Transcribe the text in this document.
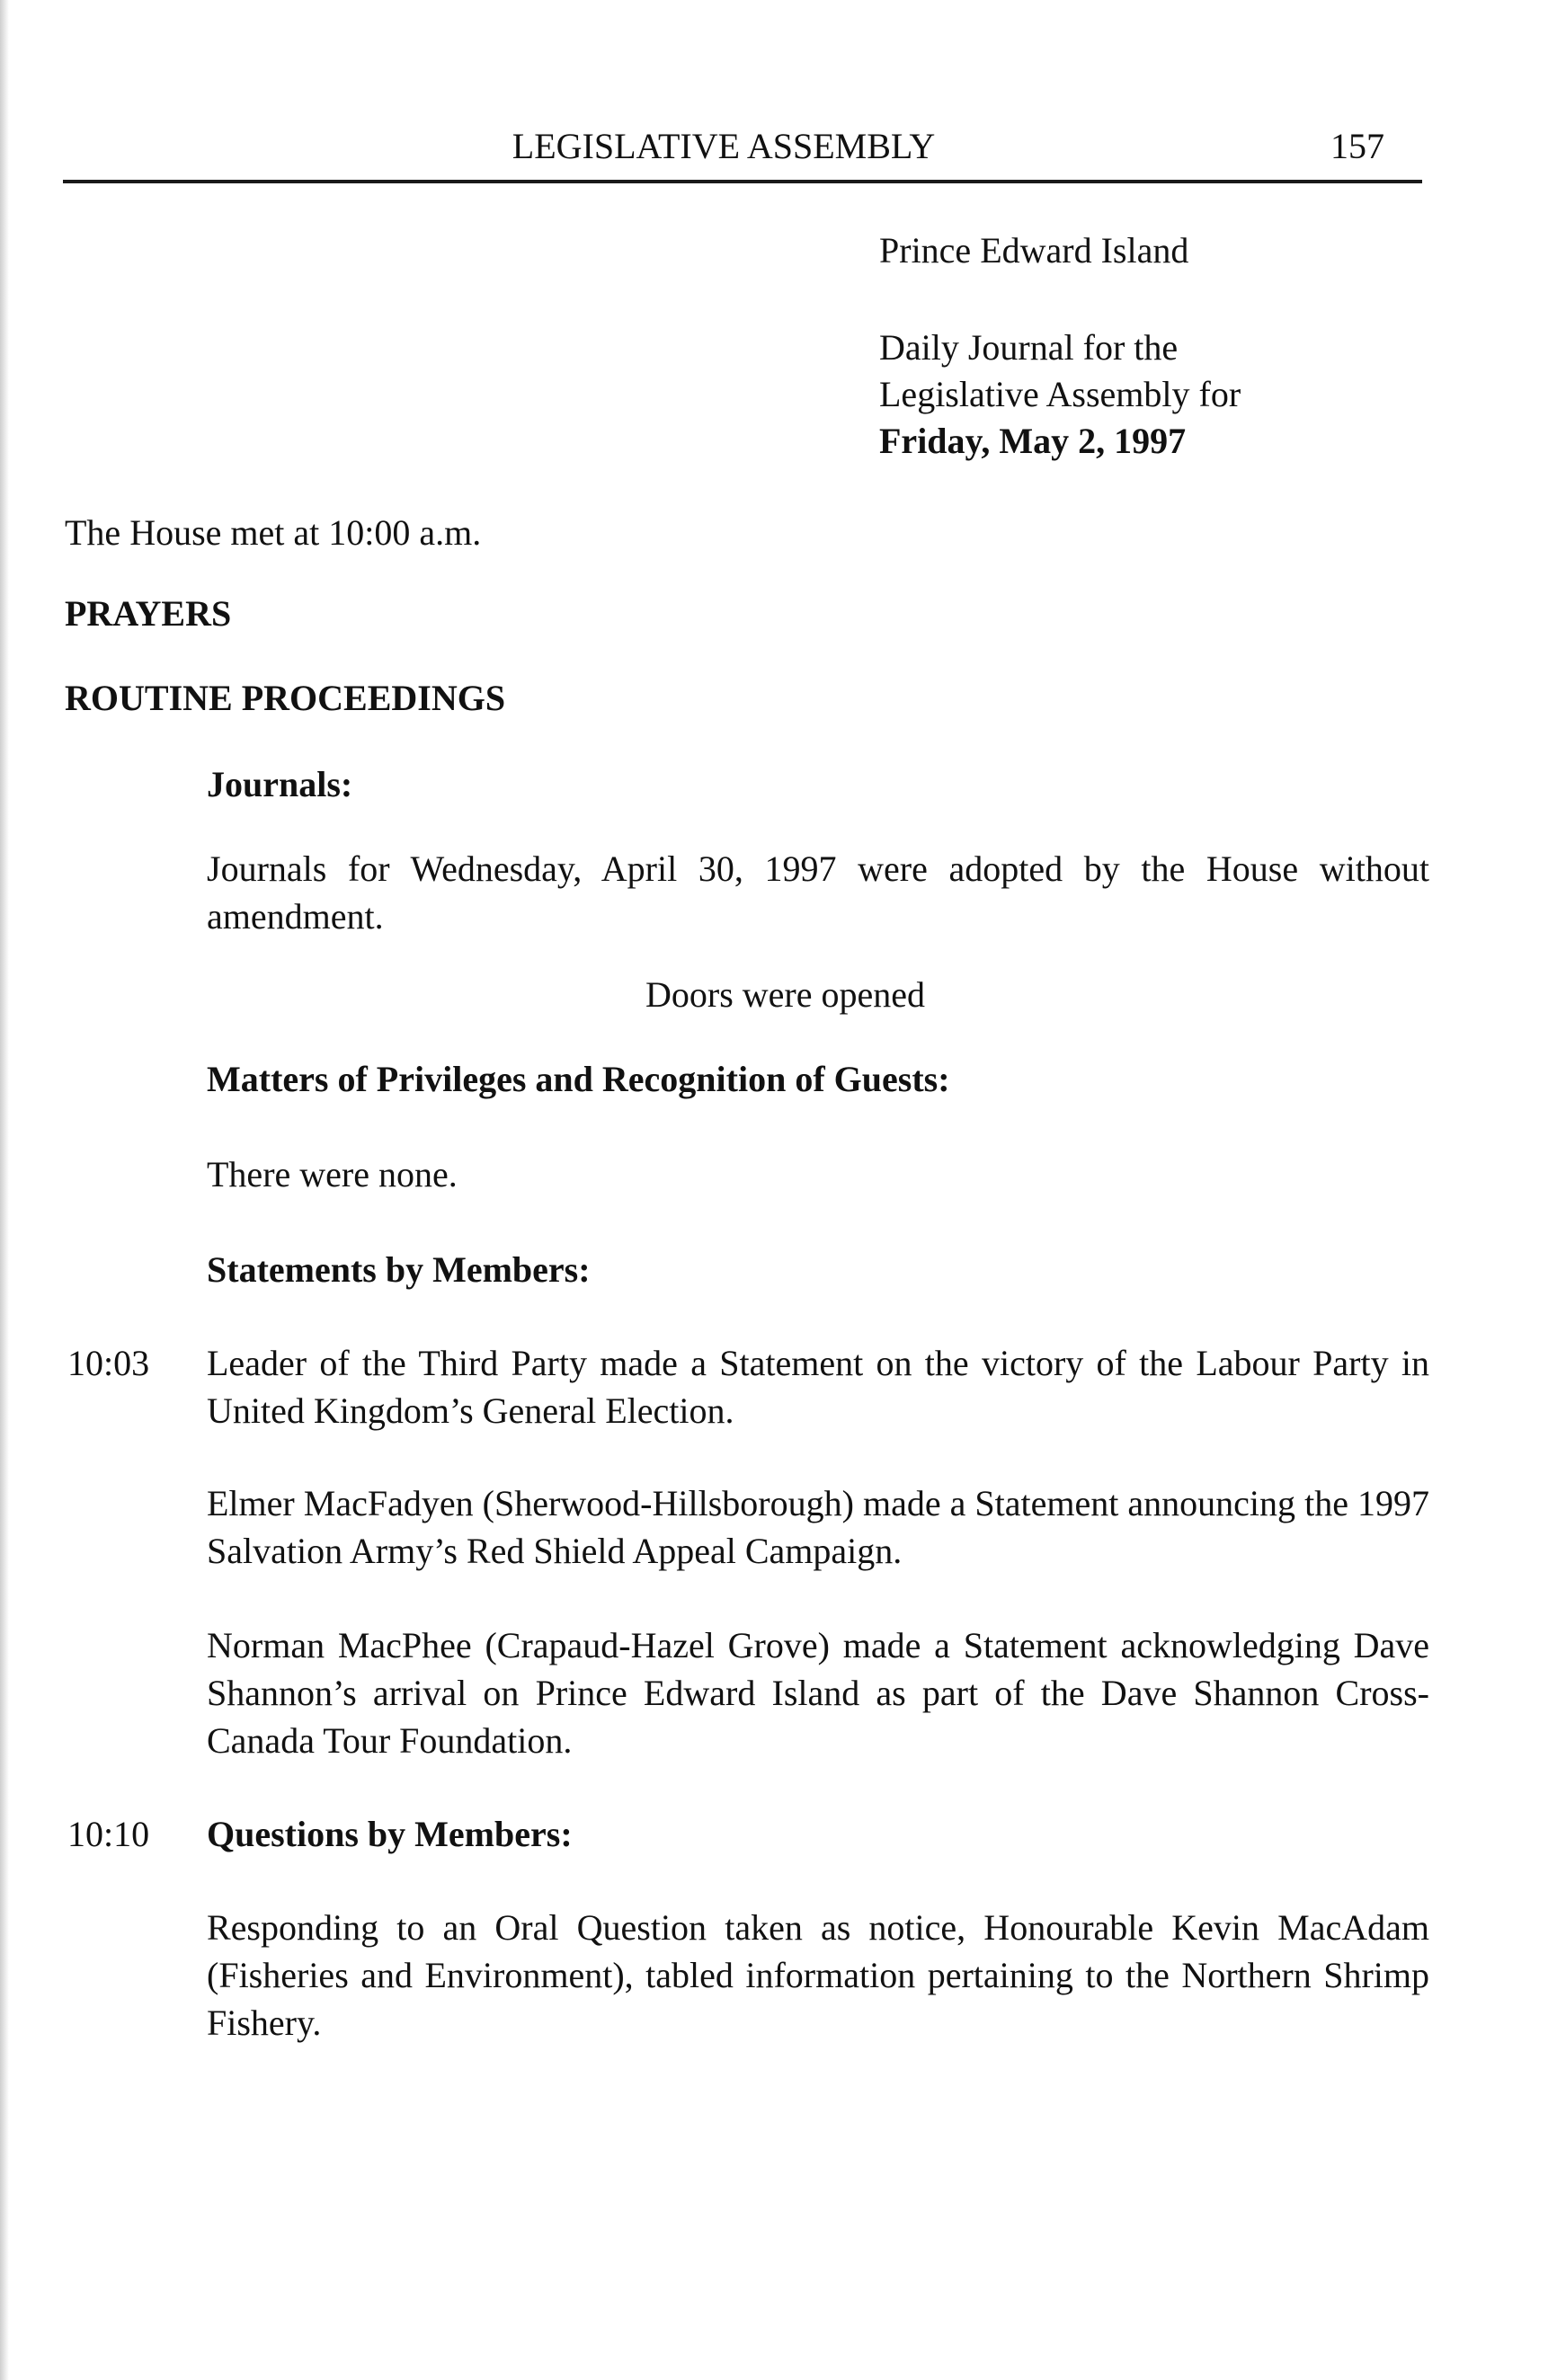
LEGISLATIVE ASSEMBLY	157
Prince Edward Island
Daily Journal for the
Legislative Assembly for
Friday, May 2, 1997
The House met at 10:00 a.m.
PRAYERS
ROUTINE PROCEEDINGS
Journals:
Journals for Wednesday, April 30, 1997 were adopted by the House without amendment.
Doors were opened
Matters of Privileges and Recognition of Guests:
There were none.
Statements by Members:
10:03 Leader of the Third Party made a Statement on the victory of the Labour Party in United Kingdom’s General Election.
Elmer MacFadyen (Sherwood-Hillsborough) made a Statement announcing the 1997 Salvation Army’s Red Shield Appeal Campaign.
Norman MacPhee (Crapaud-Hazel Grove) made a Statement acknowledging Dave Shannon’s arrival on Prince Edward Island as part of the Dave Shannon Cross- Canada Tour Foundation.
10:10 Questions by Members:
Responding to an Oral Question taken as notice, Honourable Kevin MacAdam (Fisheries and Environment), tabled information pertaining to the Northern Shrimp Fishery.
